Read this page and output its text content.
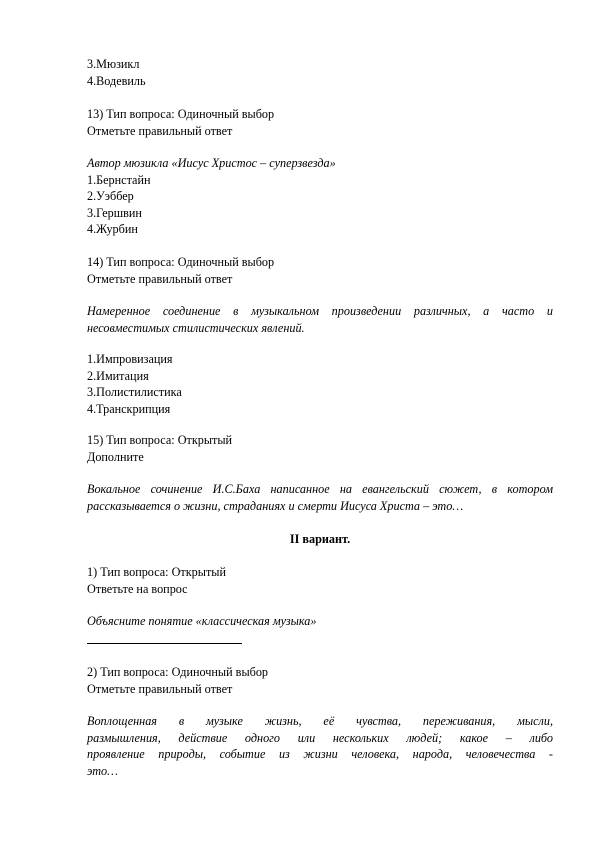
3.Мюзикл
4.Водевиль
13) Тип вопроса: Одиночный выбор
Отметьте правильный ответ
Автор мюзикла «Иисус Христос – суперзвезда»
1.Бернстайн
2.Уэббер
3.Гершвин
4.Журбин
14) Тип вопроса: Одиночный выбор
Отметьте правильный ответ
Намеренное соединение в музыкальном произведении различных, а часто и
несовместимых стилистических явлений.
1.Импровизация
2.Имитация
3.Полистилистика
4.Транскрипция
15) Тип вопроса: Открытый
Дополните
Вокальное сочинение И.С.Баха написанное на евангельский сюжет, в котором
рассказывается о жизни, страданиях и смерти Иисуса Христа – это…
II вариант.
1) Тип вопроса: Открытый
Ответьте на вопрос
Объясните понятие «классическая музыка»
2) Тип вопроса: Одиночный выбор
Отметьте правильный ответ
Воплощенная в музыке жизнь, её чувства, переживания, мысли,
размышления, действие одного или нескольких людей; какое – либо
проявление природы, событие из жизни человека, народа, человечества -
это…
